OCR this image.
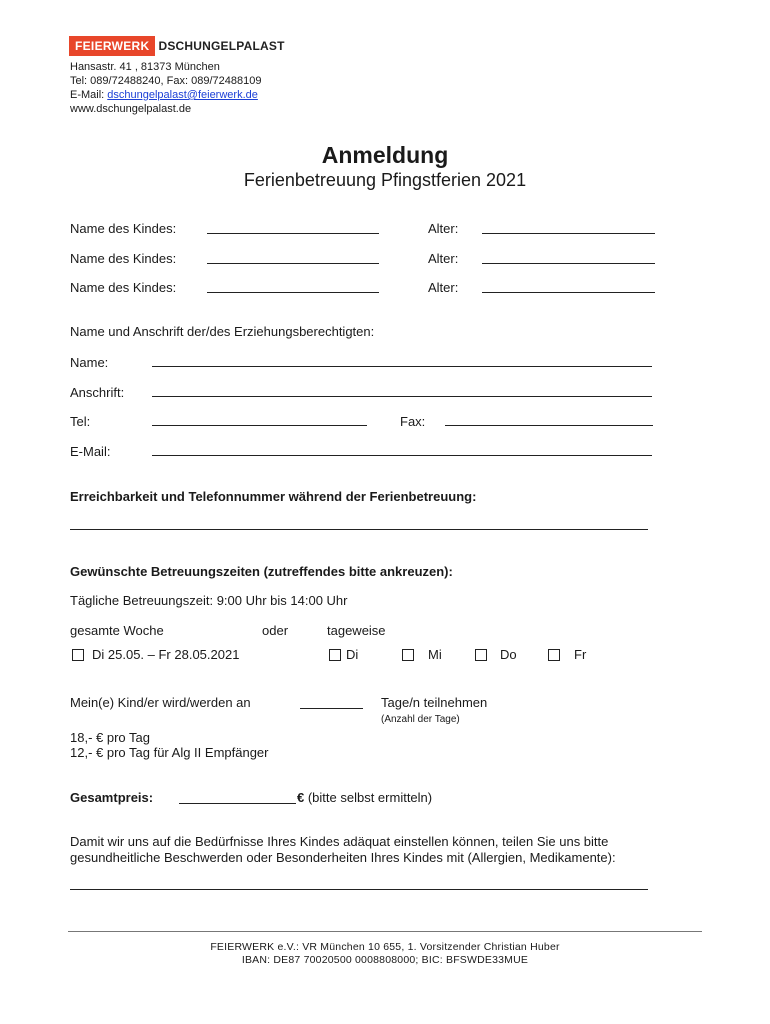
FEIERWERK DSCHUNGELPALAST
Hansastr. 41 , 81373 München
Tel: 089/72488240, Fax: 089/72488109
E-Mail: dschungelpalast@feierwerk.de
www.dschungelpalast.de
Anmeldung
Ferienbetreuung Pfingstferien 2021
Name des Kindes:	Alter:
Name des Kindes:	Alter:
Name des Kindes:	Alter:
Name und Anschrift der/des Erziehungsberechtigten:
Name:
Anschrift:
Tel:	Fax:
E-Mail:
Erreichbarkeit und Telefonnummer während der Ferienbetreuung:
Gewünschte Betreuungszeiten (zutreffendes bitte ankreuzen):
Tägliche Betreuungszeit: 9:00 Uhr bis 14:00 Uhr
gesamte Woche	oder	tageweise
Di 25.05. – Fr 28.05.2021	Di	Mi	Do	Fr
Mein(e) Kind/er wird/werden an	Tage/n teilnehmen
(Anzahl der Tage)
18,- € pro Tag
12,- € pro Tag für Alg II Empfänger
Gesamtpreis:	€ (bitte selbst ermitteln)
Damit wir uns auf die Bedürfnisse Ihres Kindes adäquat einstellen können, teilen Sie uns bitte
gesundheitliche Beschwerden oder Besonderheiten Ihres Kindes mit (Allergien, Medikamente):
FEIERWERK e.V.: VR München 10 655, 1. Vorsitzender Christian Huber
IBAN: DE87 70020500 0008808000; BIC: BFSWDE33MUE
